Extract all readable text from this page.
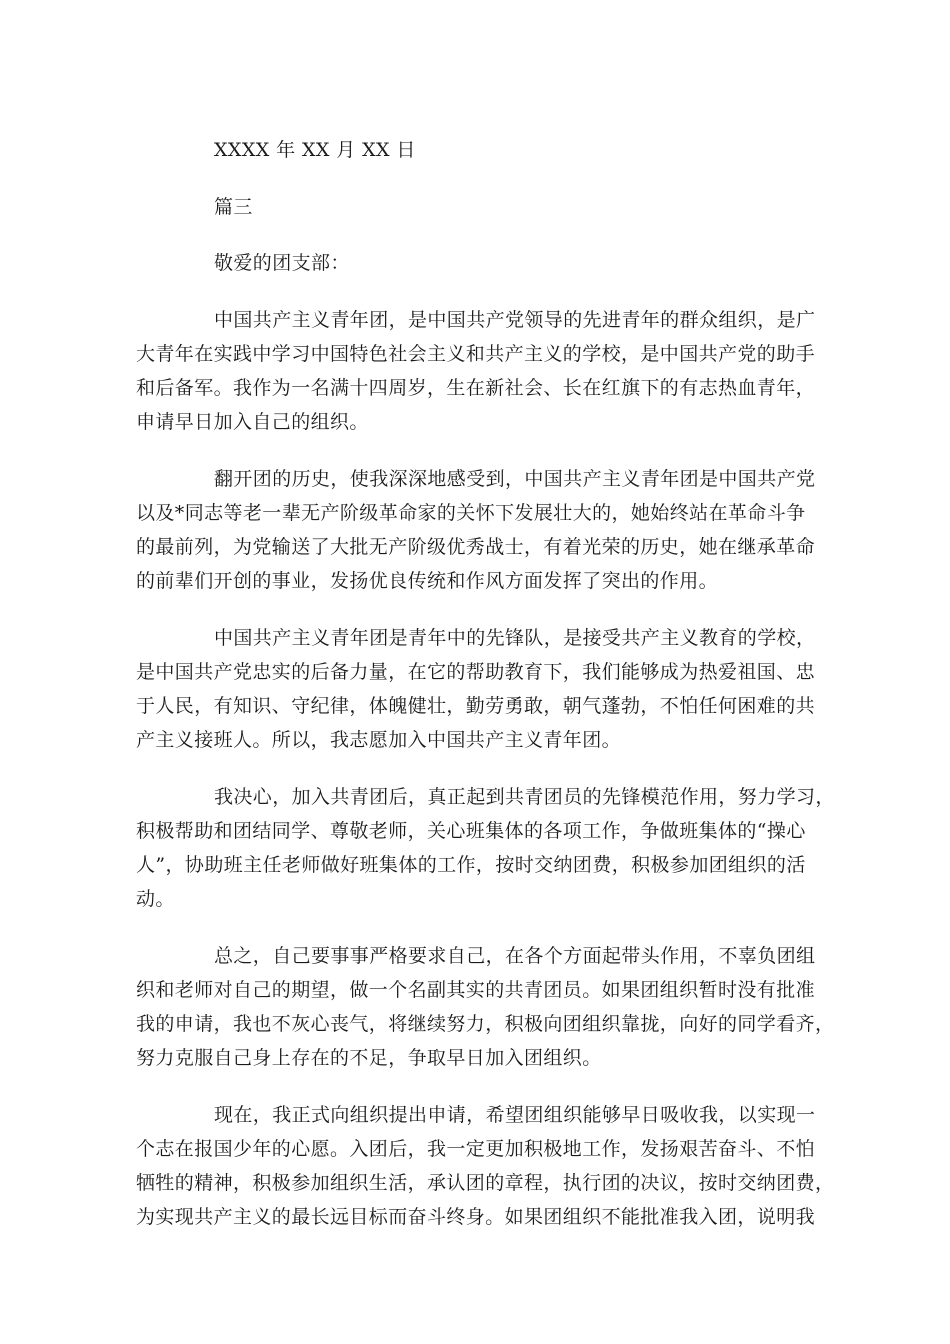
XXXX 年 XX 月 XX 日
篇三
敬爱的团支部：
中国共产主义青年团，是中国共产党领导的先进青年的群众组织，是广
大青年在实践中学习中国特色社会主义和共产主义的学校，是中国共产党的助手
和后备军。我作为一名满十四周岁，生在新社会、长在红旗下的有志热血青年，
申请早日加入自己的组织。
翻开团的历史，使我深深地感受到，中国共产主义青年团是中国共产党
以及*同志等老一辈无产阶级革命家的关怀下发展壮大的，她始终站在革命斗争
的最前列，为党输送了大批无产阶级优秀战士，有着光荣的历史，她在继承革命
的前辈们开创的事业，发扬优良传统和作风方面发挥了突出的作用。
中国共产主义青年团是青年中的先锋队，是接受共产主义教育的学校，
是中国共产党忠实的后备力量，在它的帮助教育下，我们能够成为热爱祖国、忠
于人民，有知识、守纪律，体魄健壮，勤劳勇敢，朝气蓬勃，不怕任何困难的共
产主义接班人。所以，我志愿加入中国共产主义青年团。
我决心，加入共青团后，真正起到共青团员的先锋模范作用，努力学习，
积极帮助和团结同学、尊敬老师，关心班集体的各项工作，争做班集体的“操心
人”，协助班主任老师做好班集体的工作，按时交纳团费，积极参加团组织的活
动。
总之，自己要事事严格要求自己，在各个方面起带头作用，不辜负团组
织和老师对自己的期望，做一个名副其实的共青团员。如果团组织暂时没有批准
我的申请，我也不灰心丧气，将继续努力，积极向团组织靠拢，向好的同学看齐，
努力克服自己身上存在的不足，争取早日加入团组织。
现在，我正式向组织提出申请，希望团组织能够早日吸收我，以实现一
个志在报国少年的心愿。入团后，我一定更加积极地工作，发扬艰苦奋斗、不怕
牺牲的精神，积极参加组织生活，承认团的章程，执行团的决议，按时交纳团费，
为实现共产主义的最长远目标而奋斗终身。如果团组织不能批准我入团，说明我
